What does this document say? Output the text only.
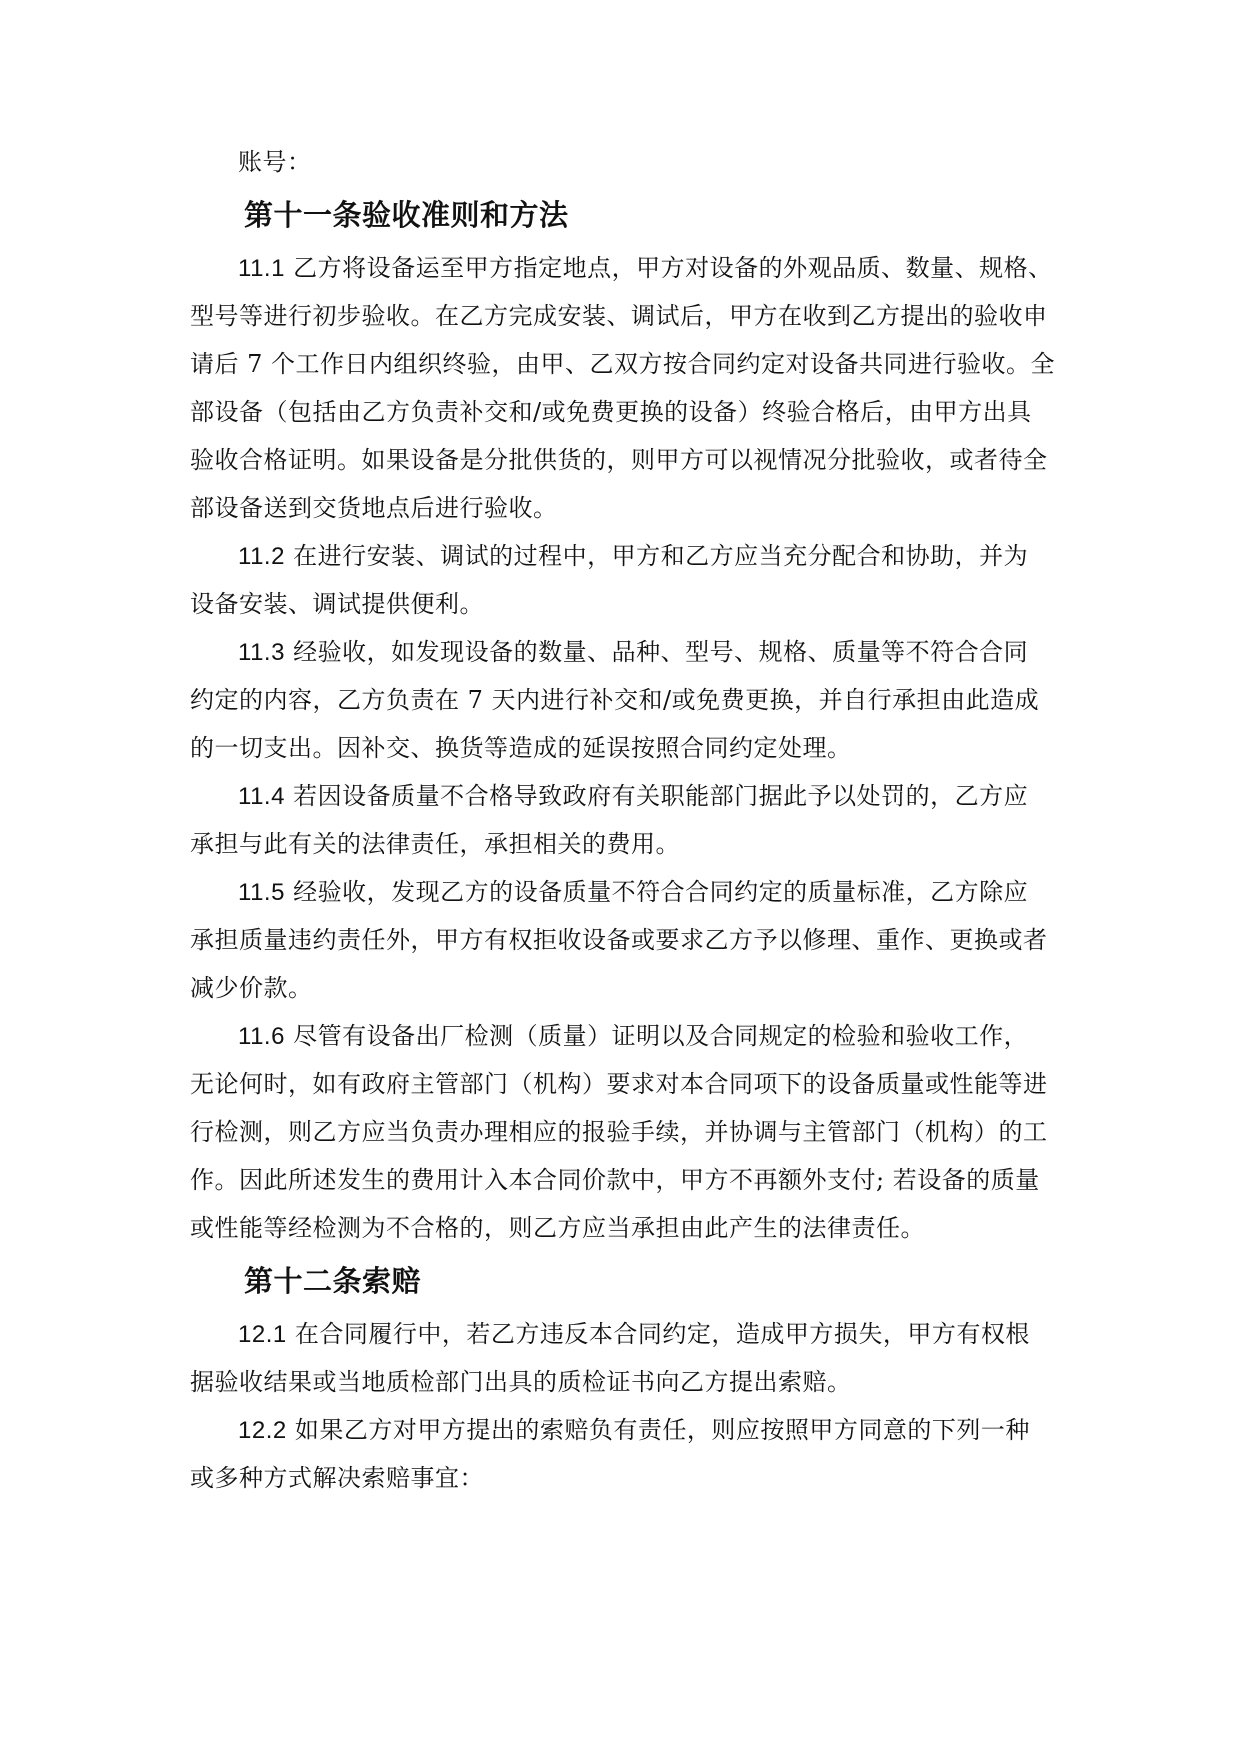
账号：
第十一条验收准则和方法
11.1 乙方将设备运至甲方指定地点，甲方对设备的外观品质、数量、规格、
型号等进行初步验收。在乙方完成安装、调试后，甲方在收到乙方提出的验收申
请后 7 个工作日内组织终验，由甲、乙双方按合同约定对设备共同进行验收。全
部设备（包括由乙方负责补交和/或免费更换的设备）终验合格后，由甲方出具
验收合格证明。如果设备是分批供货的，则甲方可以视情况分批验收，或者待全
部设备送到交货地点后进行验收。
11.2 在进行安装、调试的过程中，甲方和乙方应当充分配合和协助，并为
设备安装、调试提供便利。
11.3 经验收，如发现设备的数量、品种、型号、规格、质量等不符合合同
约定的内容，乙方负责在 7 天内进行补交和/或免费更换，并自行承担由此造成
的一切支出。因补交、换货等造成的延误按照合同约定处理。
11.4 若因设备质量不合格导致政府有关职能部门据此予以处罚的，乙方应
承担与此有关的法律责任，承担相关的费用。
11.5 经验收，发现乙方的设备质量不符合合同约定的质量标准，乙方除应
承担质量违约责任外，甲方有权拒收设备或要求乙方予以修理、重作、更换或者
减少价款。
11.6 尽管有设备出厂检测（质量）证明以及合同规定的检验和验收工作，
无论何时，如有政府主管部门（机构）要求对本合同项下的设备质量或性能等进
行检测，则乙方应当负责办理相应的报验手续，并协调与主管部门（机构）的工
作。因此所述发生的费用计入本合同价款中，甲方不再额外支付; 若设备的质量
或性能等经检测为不合格的，则乙方应当承担由此产生的法律责任。
第十二条索赔
12.1 在合同履行中，若乙方违反本合同约定，造成甲方损失，甲方有权根
据验收结果或当地质检部门出具的质检证书向乙方提出索赔。
12.2 如果乙方对甲方提出的索赔负有责任，则应按照甲方同意的下列一种
或多种方式解决索赔事宜：
